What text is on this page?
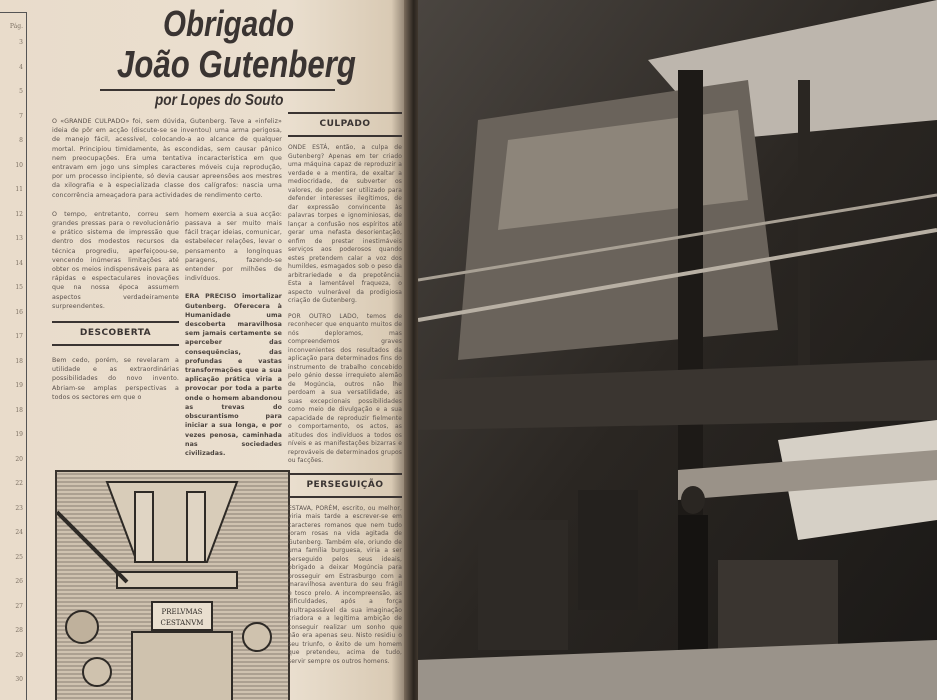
Pág.
3
4
5
7
8
10
11
12
13
14
15
16
17
18
19
18
19
20
22
23
24
25
26
27
28
29
30
Obrigado
João Gutenberg
por Lopes do Souto
O «GRANDE CULPADO» foi, sem dúvida, Gutenberg. Teve a «infeliz» ideia de pôr em acção (discute-se se inventou) uma arma perigosa, de manejo fácil, acessível, colocando-a ao alcance de qualquer mortal. Principiou timidamente, às escondidas, sem causar pânico nem preocupações. Era uma tentativa incaracterística em que entravam em jogo uns simples caracteres móveis cuja reprodução, por um processo incipiente, só devia causar apreensões aos mestres da xilografia e à especializada classe dos calígrafos: nascia uma concorrência ameaçadora para actividades de rendimento certo.
O tempo, entretanto, correu sem grandes pressas para o revolucionário e prático sistema de impressão que dentro dos modestos recursos da técnica progrediu, aperfeiçoou-se, vencendo inúmeras limitações até obter os meios indispensáveis para as rápidas e espectaculares inovações que na nossa época assumem aspectos verdadeiramente surpreendentes.
DESCOBERTA
Bem cedo, porém, se revelaram a utilidade e as extraordinárias possibilidades do novo invento. Abriam-se amplas perspectivas a todos os sectores em que o
homem exercia a sua acção: passava a ser muito mais fácil traçar ideias, comunicar, estabelecer relações, levar o pensamento a longínquas paragens, fazendo-se entender por milhões de indivíduos.
ERA PRECISO imortalizar Gutenberg. Oferecera à Humanidade uma descoberta maravilhosa sem jamais certamente se aperceber das consequências, das profundas e vastas transformações que a sua aplicação prática viria a provocar por toda a parte onde o homem abandonou as trevas do obscurantismo para iniciar a sua longa, e por vezes penosa, caminhada nas sociedades civilizadas.
PRELVMAS
CESTANVM
CULPADO
ONDE ESTÁ, então, a culpa de Gutenberg? Apenas em ter criado uma máquina capaz de reproduzir a verdade e a mentira, de exaltar a mediocridade, de subverter os valores, de poder ser utilizado para defender interesses ilegítimos, de dar expressão convincente às palavras torpes e ignominiosas, de lançar a confusão nos espíritos até gerar uma nefasta desorientação, enfim de prestar inestimáveis serviços aos poderosos quando estes pretendem calar a voz dos humildes, esmagados sob o peso da arbitrariedade e da prepotência. Esta a lamentável fraqueza, o aspecto vulnerável da prodigiosa criação de Gutenberg.
POR OUTRO LADO, temos de reconhecer que enquanto muitos de nós deploramos, mas compreendemos graves inconvenientes dos resultados da aplicação para determinados fins do instrumento de trabalho concebido pelo génio desse irrequieto alemão de Mogúncia, outros não lhe perdoam a sua versatilidade, as suas excepcionais possibilidades como meio de divulgação e a sua capacidade de reproduzir fielmente o comportamento, os actos, as atitudes dos indivíduos a todos os níveis e as manifestações bizarras e reprováveis de determinados grupos ou facções.
PERSEGUIÇÃO
ESTAVA, PORÉM, escrito, ou melhor, viria mais tarde a escrever-se em caracteres romanos que nem tudo foram rosas na vida agitada de Gutenberg. Também ele, oriundo de uma família burguesa, viria a ser perseguido pelos seus ideais, obrigado a deixar Mogúncia para prosseguir em Estrasburgo com a maravilhosa aventura do seu frágil e tosco prelo. A incompreensão, as dificuldades, após a força inultrapassável da sua imaginação criadora e a legítima ambição de conseguir realizar um sonho que não era apenas seu. Nisto residiu o seu triunfo, o êxito de um homem que pretendeu, acima de tudo, servir sempre os outros homens.
